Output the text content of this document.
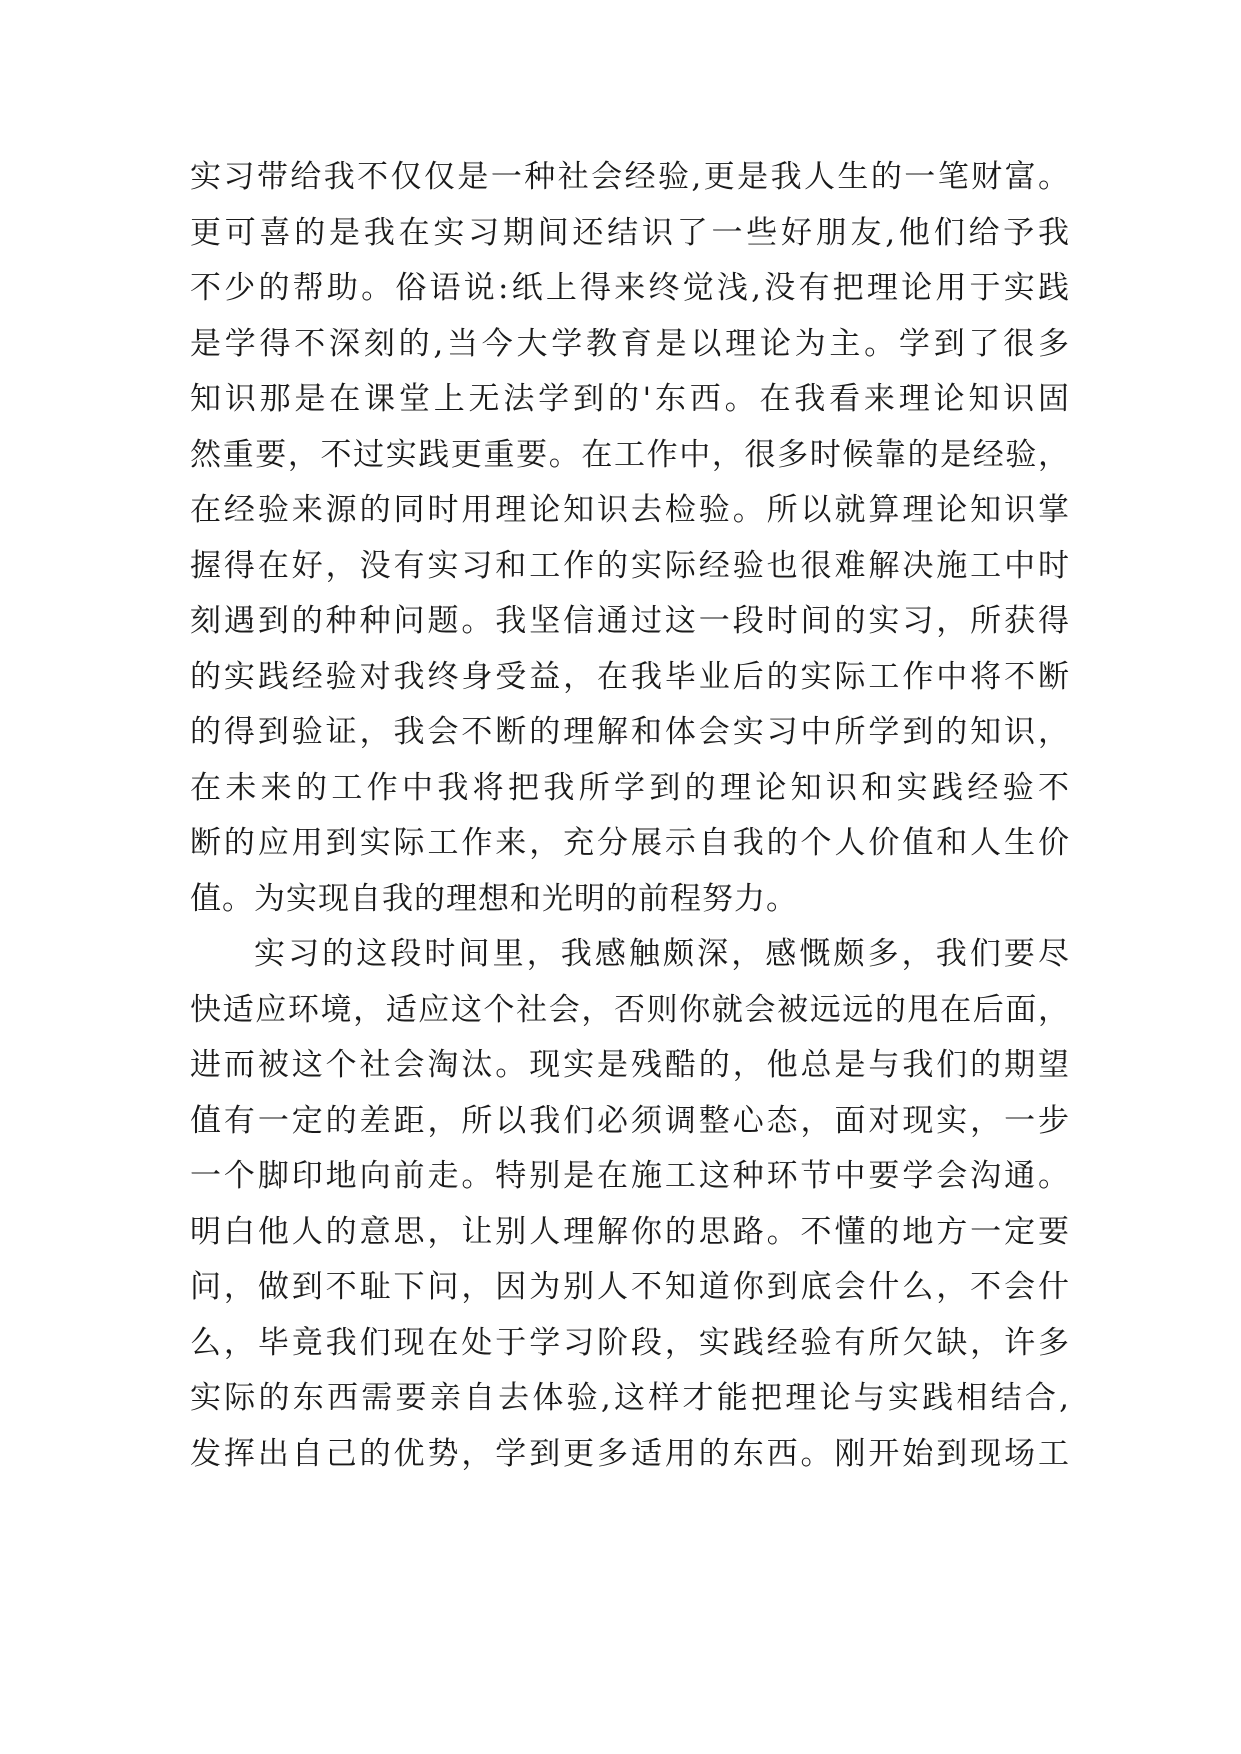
实习带给我不仅仅是一种社会经验,更是我人生的一笔财富。
更可喜的是我在实习期间还结识了一些好朋友,他们给予我
不少的帮助。俗语说:纸上得来终觉浅,没有把理论用于实践
是学得不深刻的,当今大学教育是以理论为主。学到了很多
知识那是在课堂上无法学到的'东西。在我看来理论知识固
然重要，不过实践更重要。在工作中，很多时候靠的是经验，
在经验来源的同时用理论知识去检验。所以就算理论知识掌
握得在好，没有实习和工作的实际经验也很难解决施工中时
刻遇到的种种问题。我坚信通过这一段时间的实习，所获得
的实践经验对我终身受益，在我毕业后的实际工作中将不断
的得到验证，我会不断的理解和体会实习中所学到的知识，
在未来的工作中我将把我所学到的理论知识和实践经验不
断的应用到实际工作来，充分展示自我的个人价值和人生价
值。为实现自我的理想和光明的前程努力。
实习的这段时间里，我感触颇深，感慨颇多，我们要尽
快适应环境，适应这个社会，否则你就会被远远的甩在后面，
进而被这个社会淘汰。现实是残酷的，他总是与我们的期望
值有一定的差距，所以我们必须调整心态，面对现实，一步
一个脚印地向前走。特别是在施工这种环节中要学会沟通。
明白他人的意思，让别人理解你的思路。不懂的地方一定要
问，做到不耻下问，因为别人不知道你到底会什么，不会什
么，毕竟我们现在处于学习阶段，实践经验有所欠缺，许多
实际的东西需要亲自去体验,这样才能把理论与实践相结合,
发挥出自己的优势，学到更多适用的东西。刚开始到现场工
